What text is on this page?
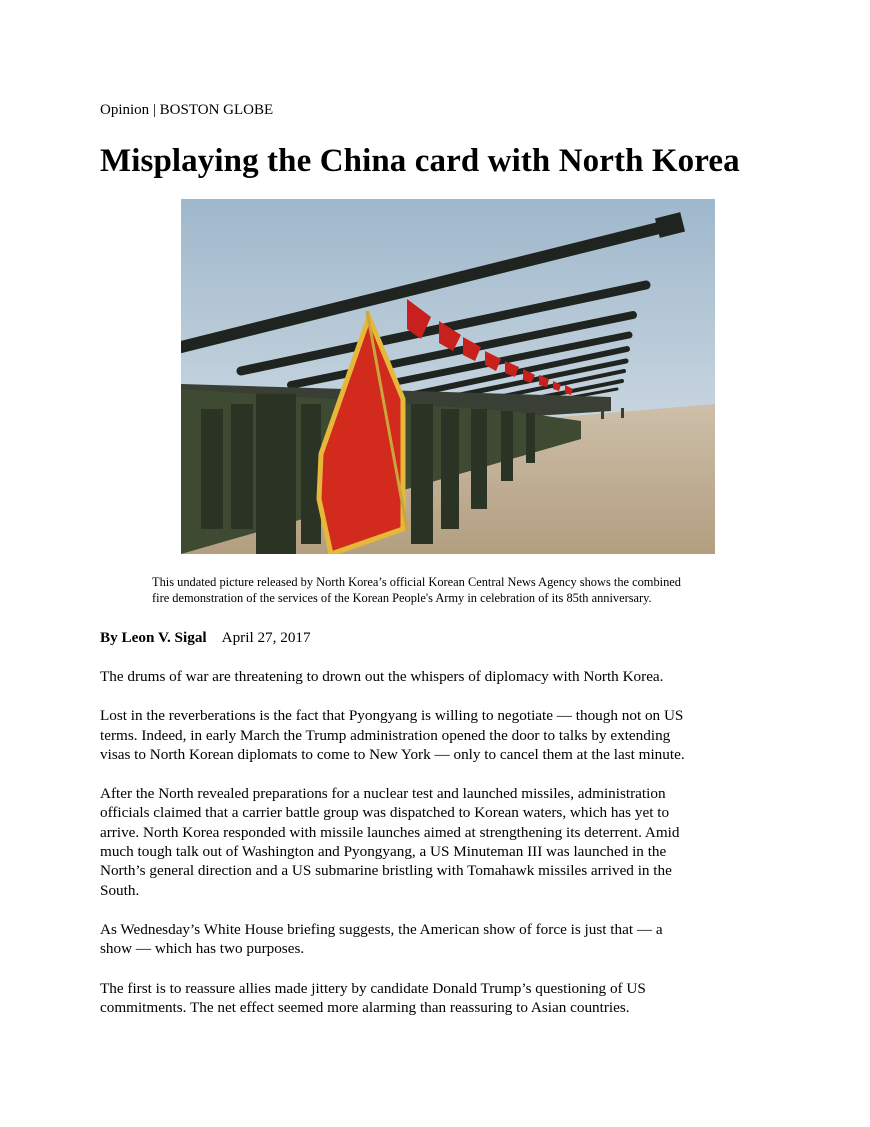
Opinion | BOSTON GLOBE
Misplaying the China card with North Korea

This undated picture released by North Korea’s official Korean Central News Agency shows the combined

fire demonstration of the services of the Korean People's Army in celebration of its 85th anniversary.

By Leon V. Sigal April 27, 2017

The drums of war are threatening to drown out the whispers of diplomacy with North Korea.

Lost in the reverberations is the fact that Pyongyang is willing to negotiate — though not on US
terms. Indeed, in early March the Trump administration opened the door to talks by extending
visas to North Korean diplomats to come to New York — only to cancel them at the last minute.

After the North revealed preparations for a nuclear test and launched missiles, administration
officials claimed that a carrier battle group was dispatched to Korean waters, which has yet to
arrive. North Korea responded with missile launches aimed at strengthening its deterrent. Amid
much tough talk out of Washington and Pyongyang, a US Minuteman III was launched in the
North’s general direction and a US submarine bristling with Tomahawk missiles arrived in the
South.

As Wednesday’s White House briefing suggests, the American show of force is just that — a
show — which has two purposes.

The first is to reassure allies made jittery by candidate Donald Trump’s questioning of US
commitments. The net effect seemed more alarming than reassuring to Asian countries.
